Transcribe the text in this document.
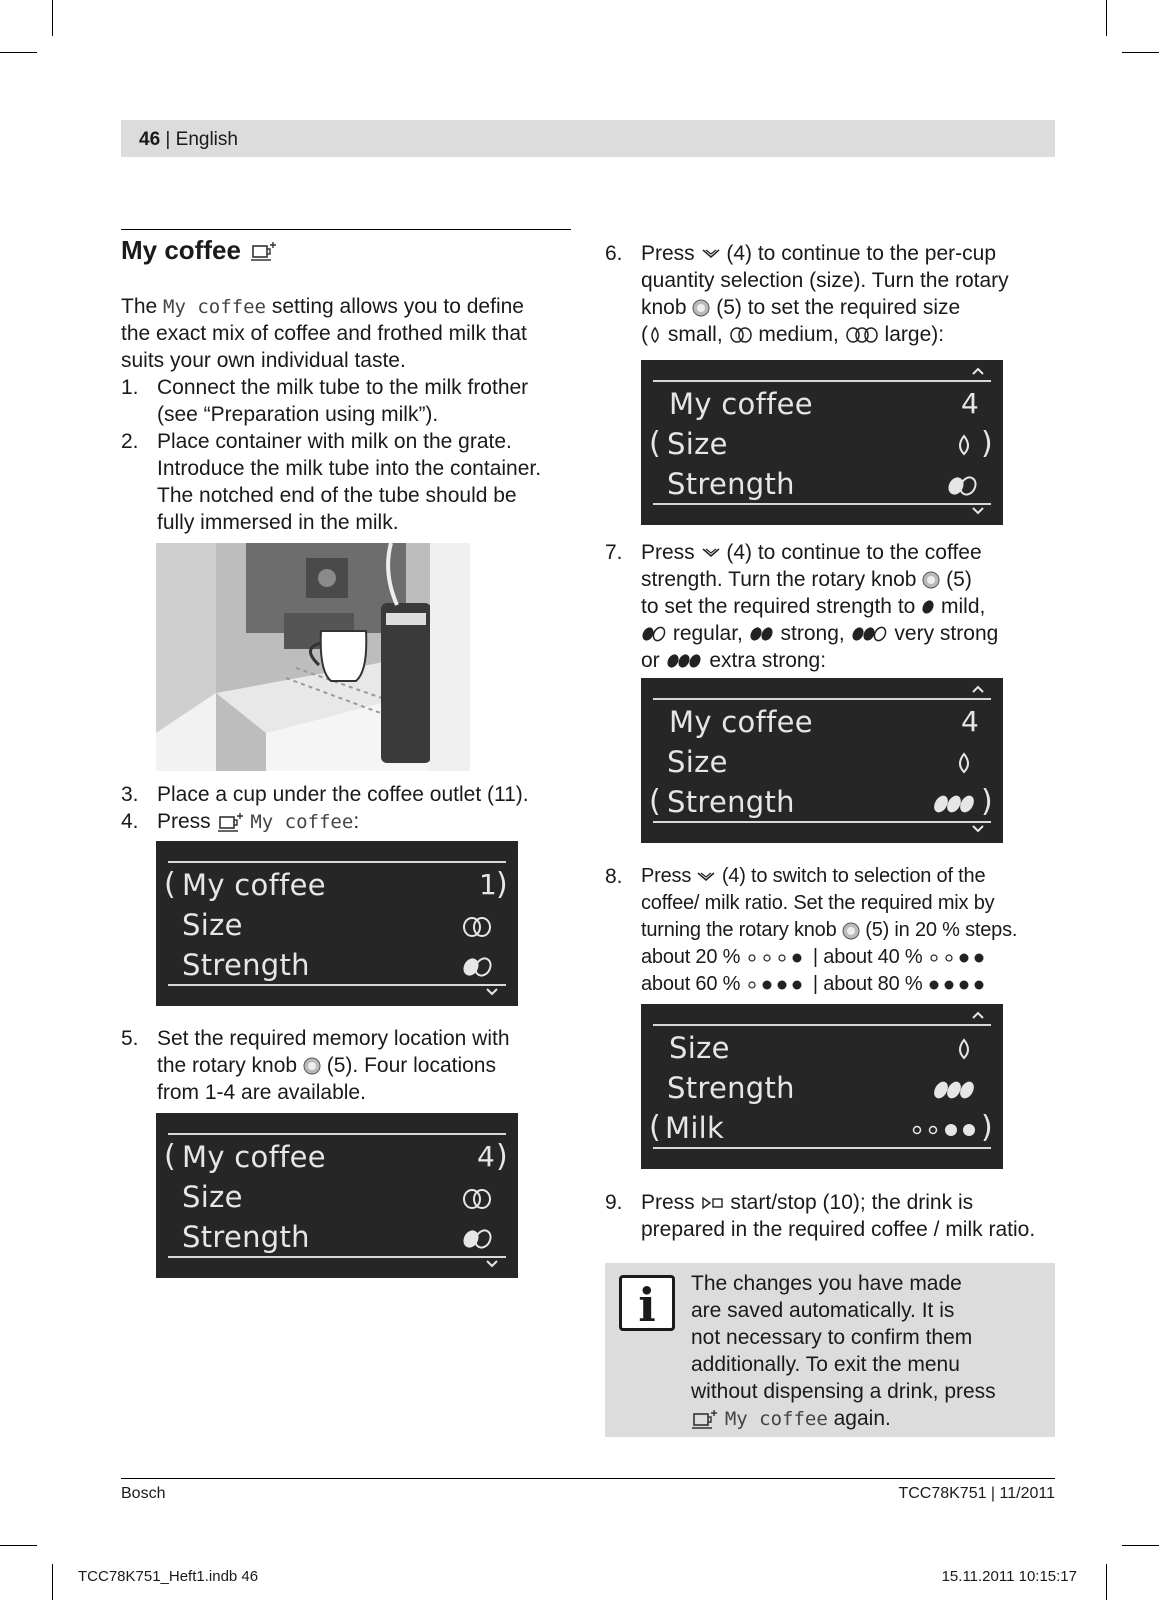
46 | English
My coffee
The My coffee setting allows you to define
the exact mix of coffee and frothed milk that
suits your own individual taste.
1. Connect the milk tube to the milk frother
(see “Preparation using milk”).
2. Place container with milk on the grate.
Introduce the milk tube into the container.
The notched end of the tube should be
fully immersed in the milk.
3. Place a cup under the coffee outlet (11).
4. Press  My coffee:
( My coffee	1 )
Size
Strength
5. Set the required memory location with
the rotary knob  (5). Four locations
from 1-4 are available.
( My coffee	4 )
Size
Strength
6. Press  (4) to continue to the per-cup
quantity selection (size). Turn the rotary
knob  (5) to set the required size
( small,  medium,  large):
My coffee	4
( Size	)
Strength
7. Press  (4) to continue to the coffee
strength. Turn the rotary knob  (5)
to set the required strength to  mild,
regular,  strong,  very strong
or  extra strong:
My coffee	4
Size
( Strength	)
8. Press  (4) to switch to selection of the
coffee/ milk ratio. Set the required mix by
turning the rotary knob  (5) in 20 % steps.
about 20 %	| about 40 %
about 60 %	| about 80 %
Size
Strength
( Milk	)
9. Press  start/stop (10); the drink is
prepared in the required coffee / milk ratio.
i	The changes you have made
are saved automatically. It is
not necessary to confirm them
additionally. To exit the menu
without dispensing a drink, press
My coffee again.
Bosch	TCC78K751 | 11/2011
TCC78K751_Heft1.indb 46	15.11.2011 10:15:17
